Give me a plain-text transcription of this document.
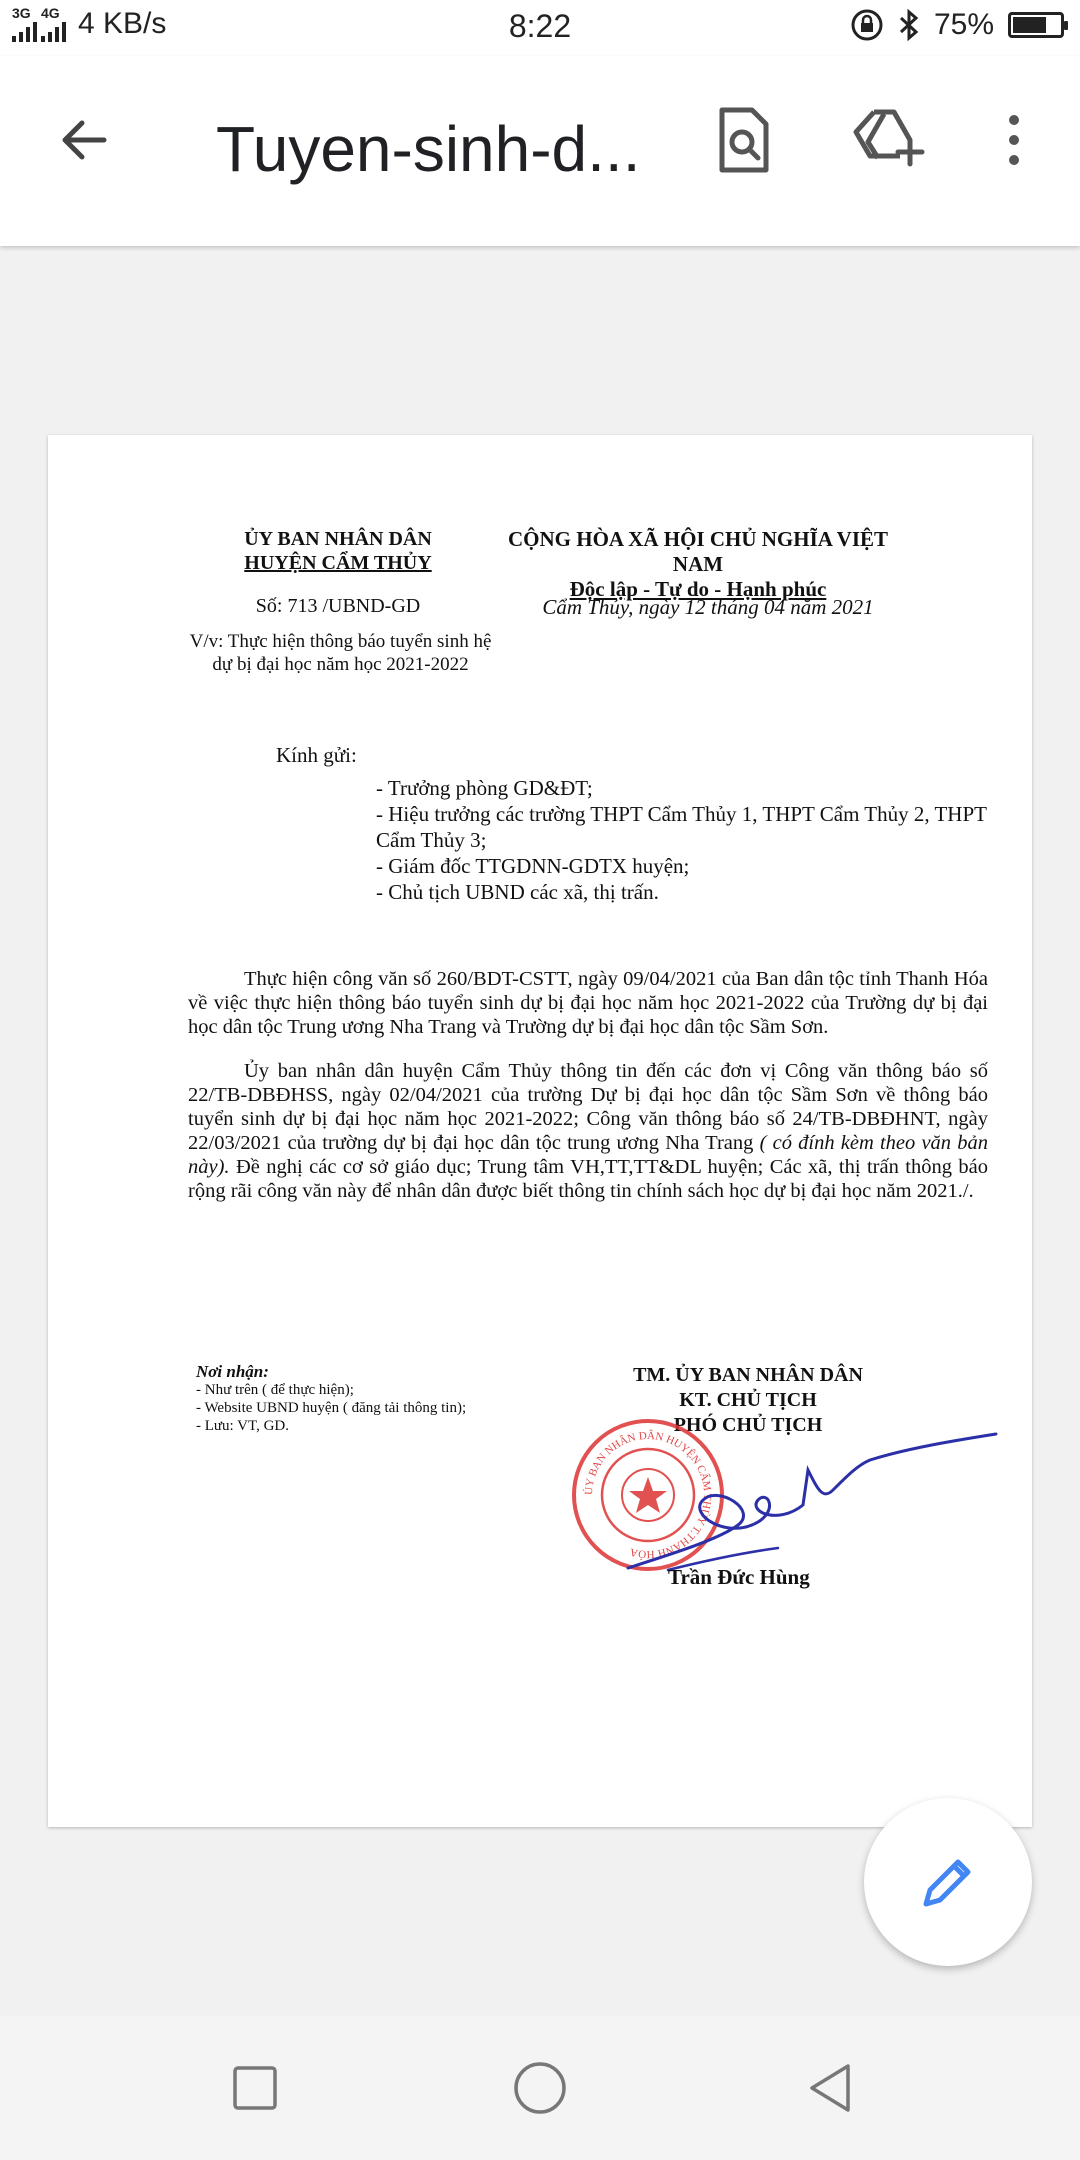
3G 4G 4 KB/s	8:22	75%
Tuyen-sinh-d...
ỦY BAN NHÂN DÂN
HUYỆN CẨM THỦY
CỘNG HÒA XÃ HỘI CHỦ NGHĨA VIỆT NAM
Độc lập - Tự do - Hạnh phúc
Số: 713 /UBND-GD	Cẩm Thủy, ngày 12 tháng 04 năm 2021
V/v: Thực hiện thông báo tuyển sinh hệ dự bị đại học năm học 2021-2022
Kính gửi:
- Trưởng phòng GD&ĐT;
- Hiệu trưởng các trường THPT Cẩm Thủy 1, THPT Cẩm Thủy 2, THPT Cẩm Thủy 3;
- Giám đốc TTGDNN-GDTX huyện;
- Chủ tịch UBND các xã, thị trấn.

Thực hiện công văn số 260/BDT-CSTT, ngày 09/04/2021 của Ban dân tộc tỉnh Thanh Hóa về việc thực hiện thông báo tuyển sinh dự bị đại học năm học 2021-2022 của Trường dự bị đại học dân tộc Trung ương Nha Trang và Trường dự bị đại học dân tộc Sầm Sơn.

Ủy ban nhân dân huyện Cẩm Thủy thông tin đến các đơn vị Công văn thông báo số 22/TB-DBĐHSS, ngày 02/04/2021 của trường Dự bị đại học dân tộc Sầm Sơn về thông báo tuyển sinh dự bị đại học năm học 2021-2022; Công văn thông báo số 24/TB-DBĐHNT, ngày 22/03/2021 của trường dự bị đại học dân tộc trung ương Nha Trang ( có đính kèm theo văn bản này). Đề nghị các cơ sở giáo dục; Trung tâm VH,TT,TT&DL huyện; Các xã, thị trấn thông báo rộng rãi công văn này để nhân dân được biết thông tin chính sách học dự bị đại học năm 2021./.

Nơi nhận:
- Như trên ( để thực hiện);
- Website UBND huyện ( đăng tải thông tin);
- Lưu: VT, GD.
TM. ỦY BAN NHÂN DÂN
KT. CHỦ TỊCH
PHÓ CHỦ TỊCH
ỦY BAN NHÂN DÂN HUYỆN CẨM THỦY T.THANH HÓA
Trần Đức Hùng
